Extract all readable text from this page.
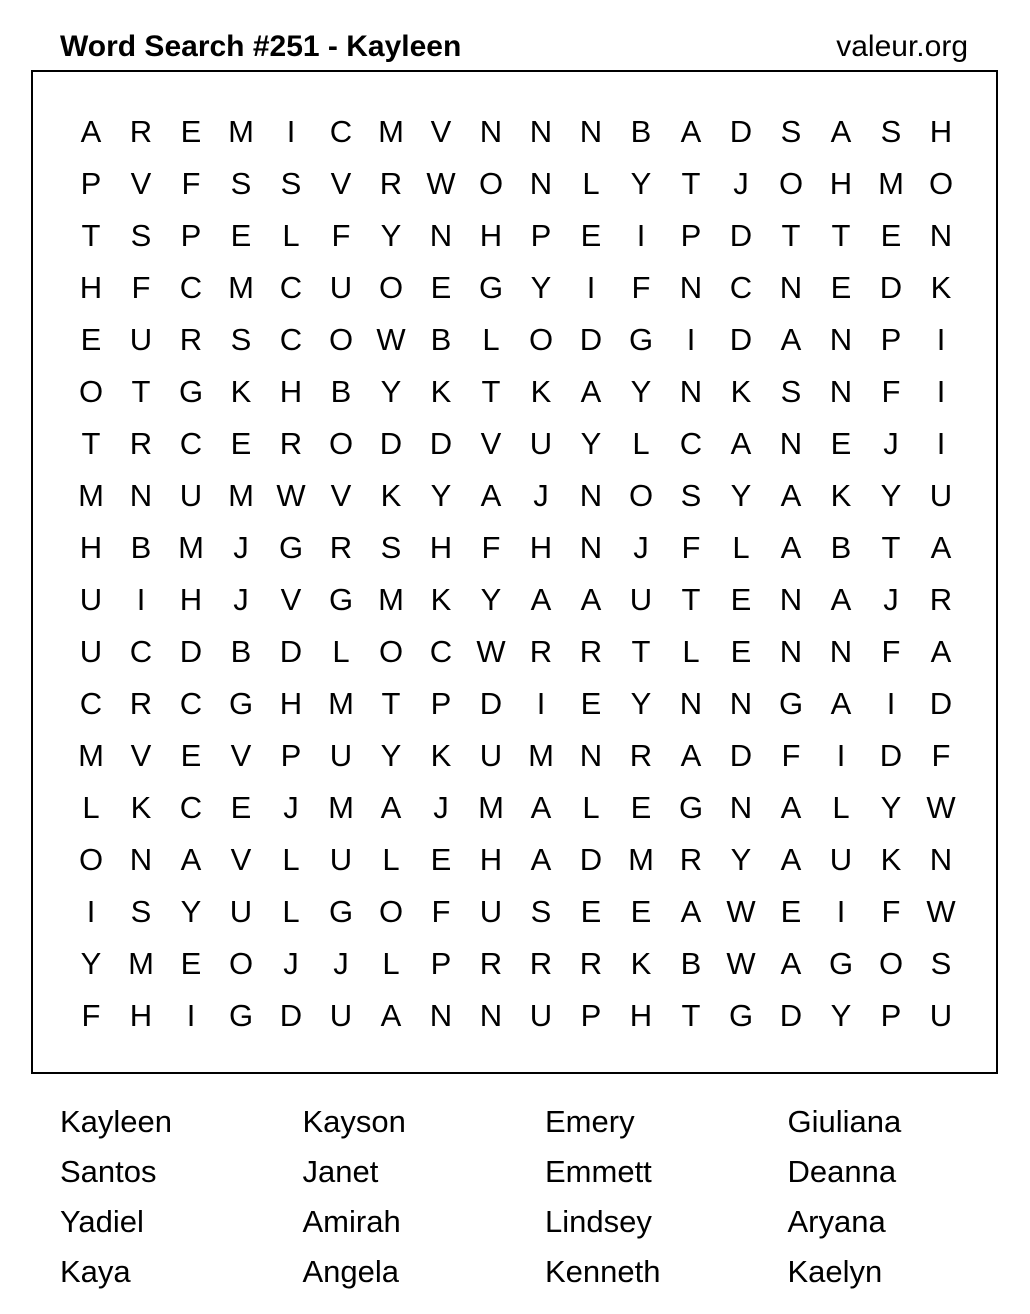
Word Search #251 - Kayleen	valeur.org
A R E M	I	C M V N N N B A D S A S H
P V F S S V R W O N L	Y T	J O H M O
T S P E	L	F Y N H P E	I	P D T	T E N
H F C M C U O E G Y	I	F N C N E D K
E U R S C O W B	L O D G	I	D A N P	I
O T G K H B Y K T K A Y N K S N F	I
T R C E R O D D V U Y	L C A N E	J	I
M N U M W V K Y A	J	N O S Y A K Y U
H B M J G R S H F H N	J	F	L	A B T A
U	I	H	J	V G M K Y A A U T E N A	J	R
U C D B D L O C W R R T	L	E N N F A
C R C G H M T P D	I	E Y N N G A	I	D
M V E V P U Y K U M N R A D F	I	D F
L	K C E	J M A	J M A	L	E G N A	L	Y W
O N A V	L U L	E H A D M R Y A U K N
I	S Y U L G O F U S E E A W E	I	F W
Y M E O J	J	L	P R R R K B W A G O S
F H	I	G D U A N N U P H T G D Y P U
Kayleen	Kayson	Emery	Giuliana
Santos	Janet	Emmett	Deanna
Yadiel	Amirah	Lindsey	Aryana
Kaya	Angela	Kenneth	Kaelyn
